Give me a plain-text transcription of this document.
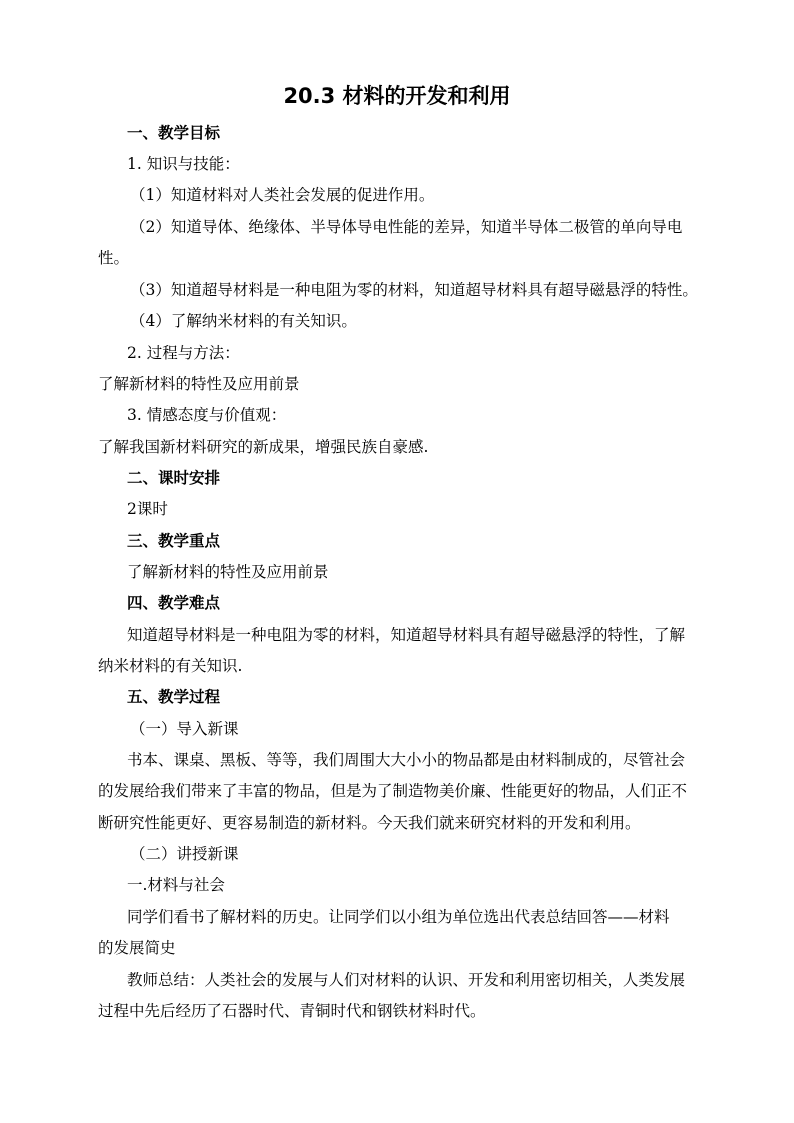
20.3 材料的开发和利用
一、教学目标
1. 知识与技能：
（1）知道材料对人类社会发展的促进作用。
（2）知道导体、绝缘体、半导体导电性能的差异，知道半导体二极管的单向导电
性。
（3）知道超导材料是一种电阻为零的材料，知道超导材料具有超导磁悬浮的特性。
（4）了解纳米材料的有关知识。
2. 过程与方法：
了解新材料的特性及应用前景
3. 情感态度与价值观：
了解我国新材料研究的新成果，增强民族自豪感.
二、课时安排
2课时
三、教学重点
了解新材料的特性及应用前景
四、教学难点
知道超导材料是一种电阻为零的材料，知道超导材料具有超导磁悬浮的特性，了解
纳米材料的有关知识.
五、教学过程
（一）导入新课
书本、课桌、黑板、等等，我们周围大大小小的物品都是由材料制成的，尽管社会
的发展给我们带来了丰富的物品，但是为了制造物美价廉、性能更好的物品，人们正不
断研究性能更好、更容易制造的新材料。今天我们就来研究材料的开发和利用。
（二）讲授新课
一.材料与社会
同学们看书了解材料的历史。让同学们以小组为单位选出代表总结回答——材料
的发展简史
教师总结：人类社会的发展与人们对材料的认识、开发和利用密切相关，人类发展
过程中先后经历了石器时代、青铜时代和钢铁材料时代。
